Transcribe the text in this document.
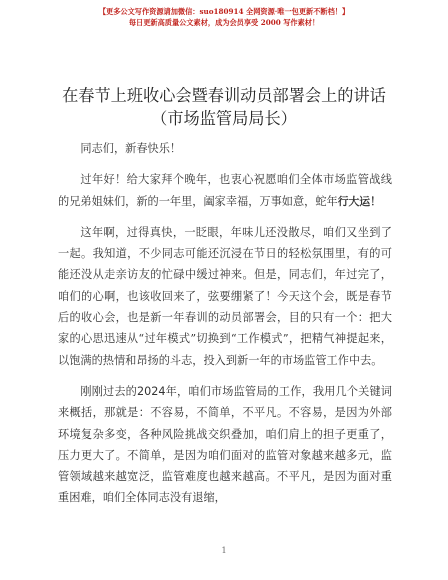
【更多公文写作资源请加微信：suo180914 全网资源·唯一包更新不断档！】
每日更新高质量公文素材，成为会员享受 2000 写作素材！
在春节上班收心会暨春训动员部署会上的讲话
（市场监管局局长）

同志们，新春快乐！

过年好！给大家拜个晚年，也衷心祝愿咱们全体市场监管战线的兄弟姐妹们，新的一年里，阖家幸福，万事如意，蛇年行大运！

这年啊，过得真快，一眨眼，年味儿还没散尽，咱们又坐到了一起。我知道，不少同志可能还沉浸在节日的轻松氛围里，有的可能还没从走亲访友的忙碌中缓过神来。但是，同志们，年过完了，咱们的心啊，也该收回来了，弦要绷紧了！今天这个会，既是春节后的收心会，也是新一年春训的动员部署会，目的只有一个：把大家的心思迅速从“过年模式”切换到“工作模式”，把精气神提起来，以饱满的热情和昂扬的斗志，投入到新一年的市场监管工作中去。

刚刚过去的2024年，咱们市场监管局的工作，我用几个关键词来概括，那就是：不容易，不简单，不平凡。不容易，是因为外部环境复杂多变，各种风险挑战交织叠加，咱们肩上的担子更重了，压力更大了。不简单，是因为咱们面对的监管对象越来越多元，监管领域越来越宽泛，监管难度也越来越高。不平凡，是因为面对重重困难，咱们全体同志没有退缩，

1
